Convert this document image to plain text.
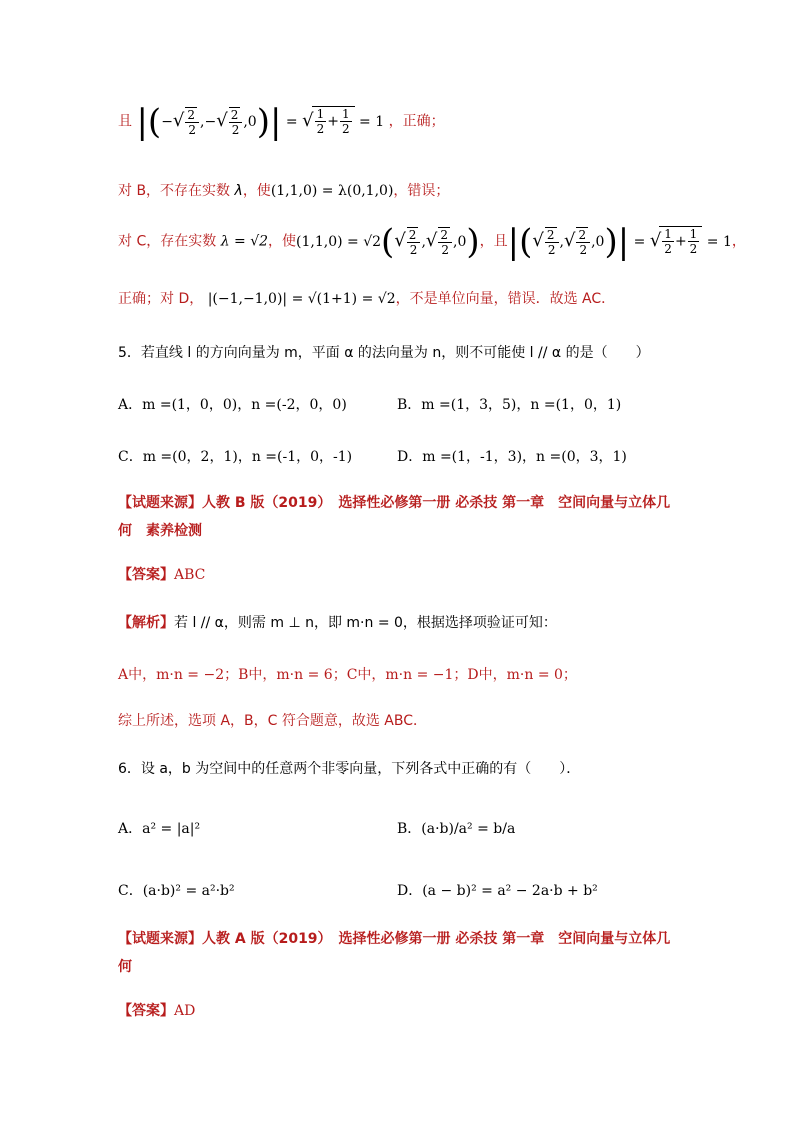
且 |(−√ $\frac{2}{2}$ ,−√ $\frac{2}{2} ,0)|$ = √ $\frac{1}{2} + \frac{1}{2} = 1$ ，正确；
对 B，不存在实数 λ，使(1,1,0) = λ(0,1,0)，错误；
对 C，存在实数 λ = √2，使$(1,1,0) = √2(√ \frac{2}{2}$ ,√ $\frac{2}{2} ,0$)，且|(√ $\frac{2}{2}$ ,√ $\frac{2}{2} ,0)|$ = √ $\frac{1}{2} + \frac{1}{2} = 1$，
正确；对 D， |(−1,−1,0)| = √(1+1) = √2，不是单位向量，错误．故选 AC．
5．若直线 l 的方向向量为 m，平面 α 的法向量为 n，则不可能使 l // α 的是（　　）
A．m =(1，0，0)，n =(-2，0，0)	B．m =(1，3，5)，n =(1，0，1)
C．m =(0，2，1)，n =(-1，0，-1)	D．m =(1，-1，3)，n =(0，3，1)
【试题来源】人教 B 版（2019）　选择性必修第一册 必杀技 第一章　空间向量与立体几
何　素养检测
【答案】ABC
【解析】若 l // α，则需 m ⊥ n，即 m·n = 0，根据选择项验证可知：
A中，m·n = −2；B中，m·n = 6；C中，m·n = −1；D中，m·n = 0；
综上所述，选项 A，B，C 符合题意，故选 ABC．
6．设 a，b 为空间中的任意两个非零向量，下列各式中正确的有（　　）．
A．a² = |a|²	B．(a·b)/a² = b/a
C．(a·b)² = a²·b²	D．(a − b)² = a² − 2a·b + b²
【试题来源】人教 A 版（2019）　选择性必修第一册 必杀技 第一章　空间向量与立体几
何
【答案】AD
